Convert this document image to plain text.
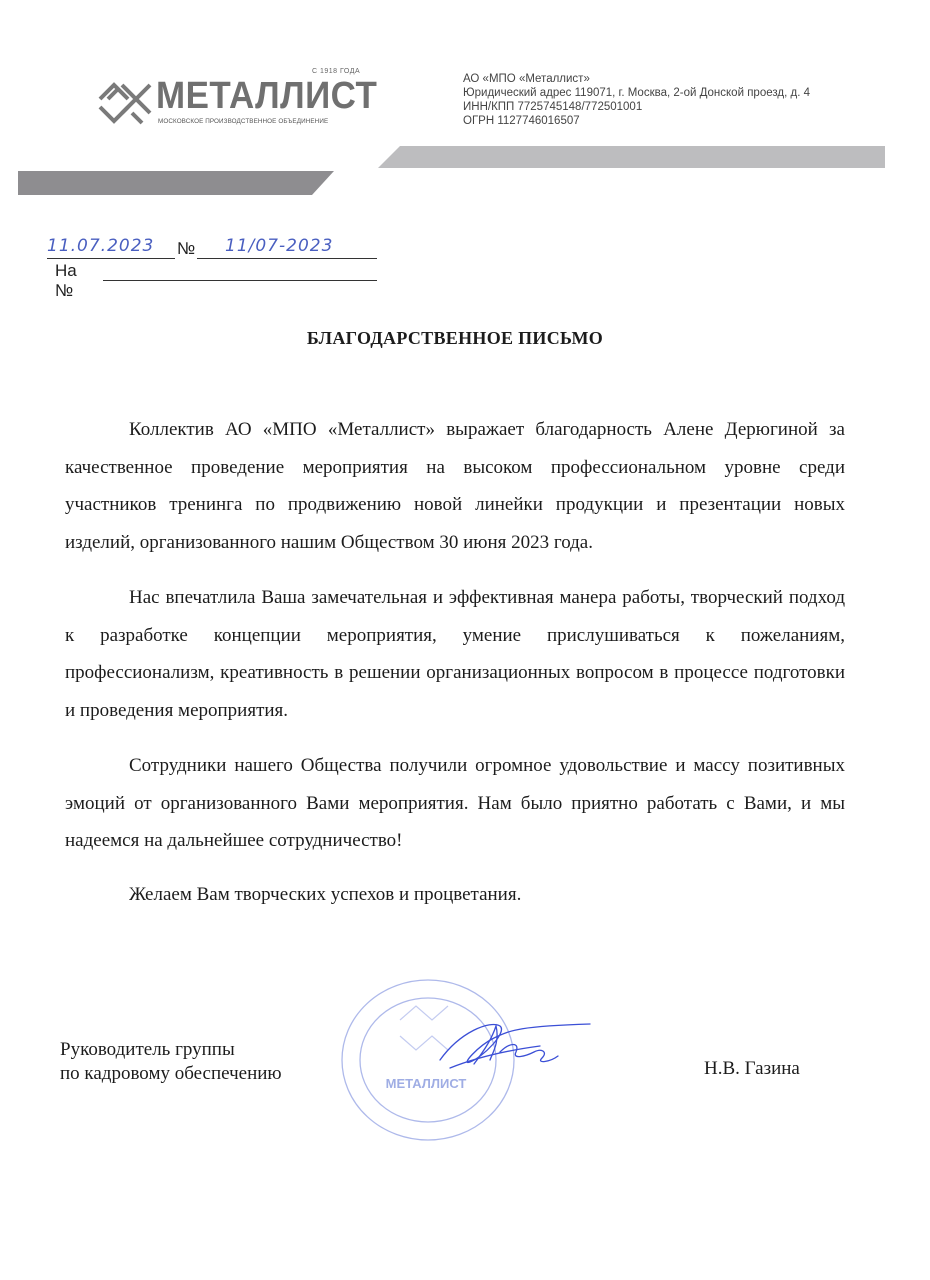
С 1918 ГОДА
МЕТАЛЛИСТ
МОСКОВСКОЕ ПРОИЗВОДСТВЕННОЕ ОБЪЕДИНЕНИЕ
АО «МПО «Металлист»
Юридический адрес 119071, г. Москва, 2-ой Донской проезд, д. 4
ИНН/КПП 7725745148/772501001
ОГРН 1127746016507
11.07.2023 № 11/07-2023
На №
БЛАГОДАРСТВЕННОЕ ПИСЬМО

Коллектив АО «МПО «Металлист» выражает благодарность Алене Дерюгиной за качественное проведение мероприятия на высоком профессиональном уровне среди участников тренинга по продвижению новой линейки продукции и презентации новых изделий, организованного нашим Обществом 30 июня 2023 года.

Нас впечатлила Ваша замечательная и эффективная манера работы, творческий подход к разработке концепции мероприятия, умение прислушиваться к пожеланиям, профессионализм, креативность в решении организационных вопросом в процессе подготовки и проведения мероприятия.

Сотрудники нашего Общества получили огромное удовольствие и массу позитивных эмоций от организованного Вами мероприятия. Нам было приятно работать с Вами, и мы надеемся на дальнейшее сотрудничество!

Желаем Вам творческих успехов и процветания.

МЕТАЛЛИСТ
Руководитель группы
по кадровому обеспечению	Н.В. Газина
